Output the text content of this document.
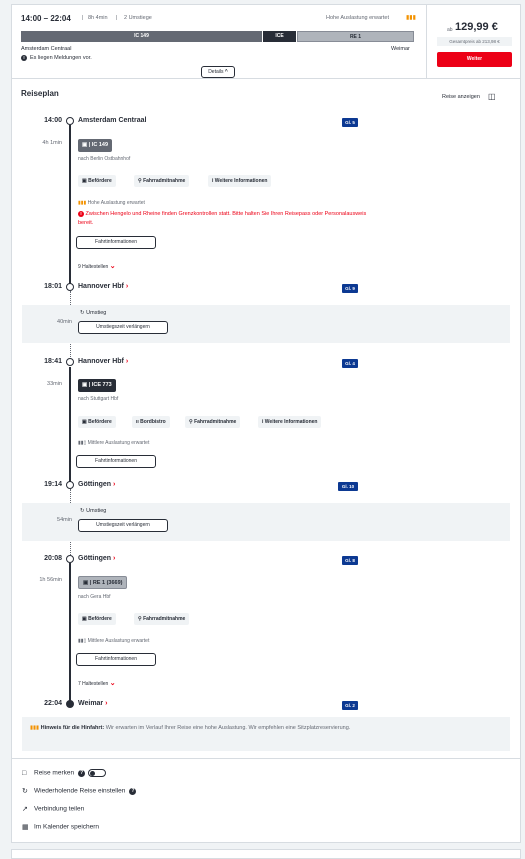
14:00 – 22:04 | 8h 4min | 2 Umstiege	Hohe Auslastung erwartet	▮▮▮
IC 149	ICE	RE 1
Amsterdam Centraal	Weimar
! Es liegen Meldungen vor.
Details ^
ab 129,99 €
Gesamtpreis ab 213,98 €
Weiter
Reiseplan	Reise anzeigen ◫
14:00 Amsterdam Centraal	Gl. 5
4h 1min	▣ | IC 149
nach Berlin Ostbahnhof
▣ Befördere	⚲ Fahrradmitnahme	i Weitere Informationen
▮▮▮ Hohe Auslastung erwartet
! Zwischen Hengelo und Rheine finden Grenzkontrollen statt. Bitte halten Sie Ihren Reisepass oder Personalausweis bereit.
Fahrtinformationen
9 Haltestellen ⌄
18:01 Hannover Hbf ›	Gl. 9
↻ Umstieg
40min
Umstiegszeit verlängern
18:41 Hannover Hbf ›	Gl. 4
33min	▣ | ICE 773
nach Stuttgart Hbf
▣ Befördere	ıı Bordbistro	⚲ Fahrradmitnahme	i Weitere Informationen
▮▮▯ Mittlere Auslastung erwartet
Fahrtinformationen
19:14 Göttingen ›	Gl. 10
↻ Umstieg
54min
Umstiegszeit verlängern
20:08 Göttingen ›	Gl. 8
1h 56min	▣ | RE 1 (3669)
nach Gera Hbf
▣ Befördere	⚲ Fahrradmitnahme
▮▮▯ Mittlere Auslastung erwartet
Fahrtinformationen
7 Haltestellen ⌄
22:04 Weimar ›	Gl. 2
▮▮▮ Hinweis für die Hinfahrt: Wir erwarten im Verlauf Ihrer Reise eine hohe Auslastung. Wir empfehlen eine Sitzplatzreservierung.
□ Reise merken ?
↻ Wiederholende Reise einstellen ?
↗ Verbindung teilen
▦ Im Kalender speichern
